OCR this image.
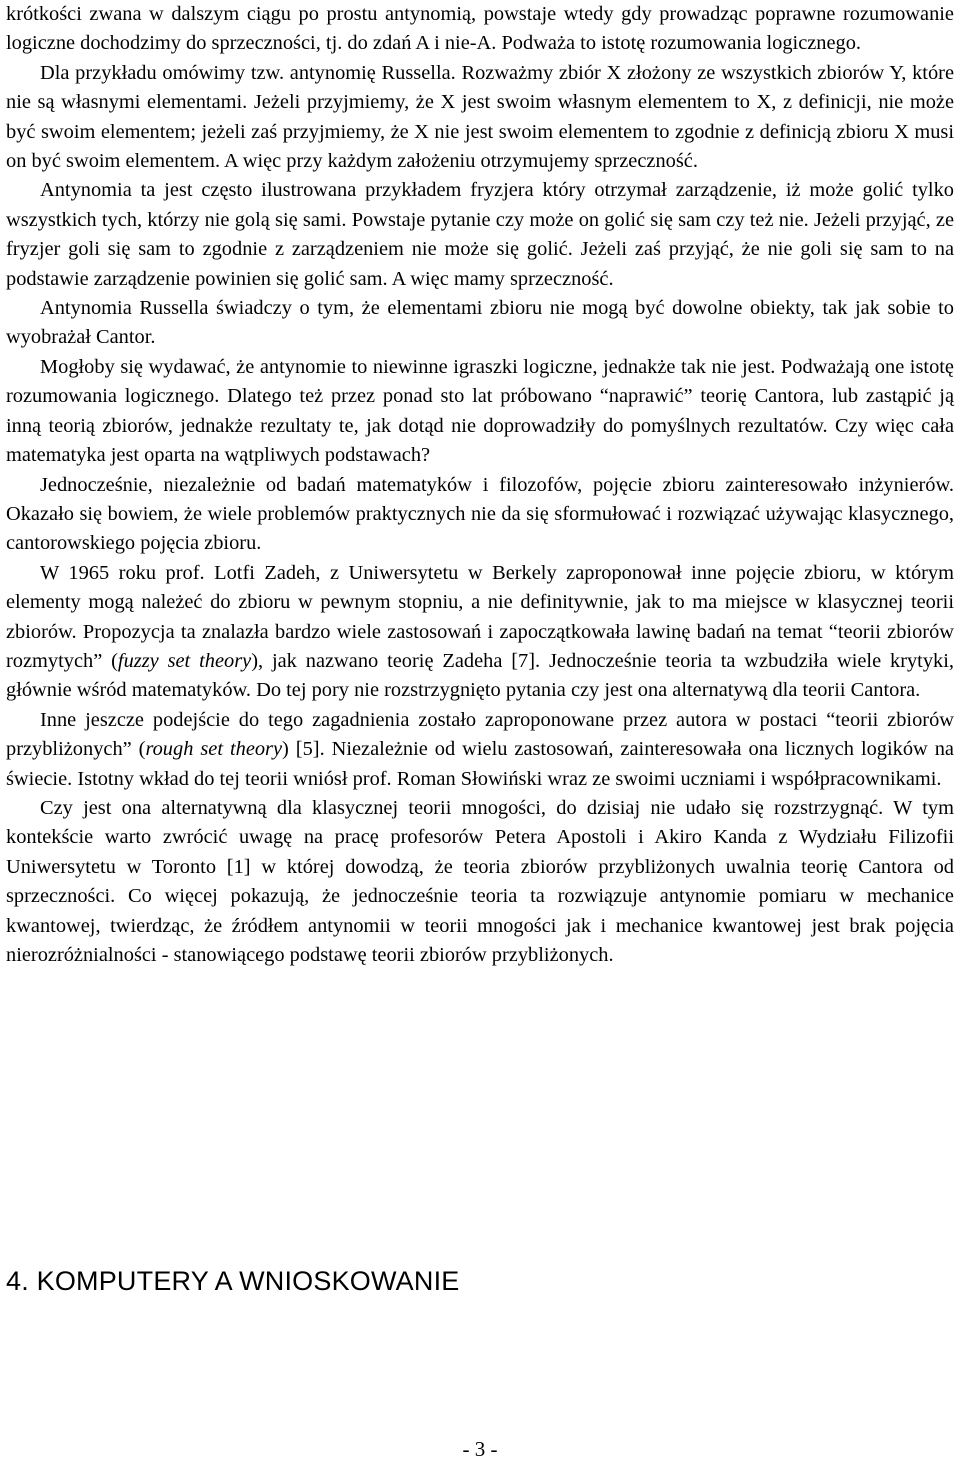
krótkości zwana w dalszym ciągu po prostu antynomią, powstaje wtedy gdy prowadząc poprawne rozumowanie logiczne dochodzimy do sprzeczności, tj. do zdań A i nie-A. Podważa to istotę rozumowania logicznego.

Dla przykładu omówimy tzw. antynomię Russella. Rozważmy zbiór X złożony ze wszystkich zbiorów Y, które nie są własnymi elementami. Jeżeli przyjmiemy, że X jest swoim własnym elementem to X, z definicji, nie może być swoim elementem; jeżeli zaś przyjmiemy, że X nie jest swoim elementem to zgodnie z definicją zbioru X musi on być swoim elementem. A więc przy każdym założeniu otrzymujemy sprzeczność.

Antynomia ta jest często ilustrowana przykładem fryzjera który otrzymał zarządzenie, iż może golić tylko wszystkich tych, którzy nie golą się sami. Powstaje pytanie czy może on golić się sam czy też nie. Jeżeli przyjąć, ze fryzjer goli się sam to zgodnie z zarządzeniem nie może się golić. Jeżeli zaś przyjąć, że nie goli się sam to na podstawie zarządzenie powinien się golić sam. A więc mamy sprzeczność.

Antynomia Russella świadczy o tym, że elementami zbioru nie mogą być dowolne obiekty, tak jak sobie to wyobrażał Cantor.

Mogłoby się wydawać, że antynomie to niewinne igraszki logiczne, jednakże tak nie jest. Podważają one istotę rozumowania logicznego. Dlatego też przez ponad sto lat próbowano “naprawić” teorię Cantora, lub zastąpić ją inną teorią zbiorów, jednakże rezultaty te, jak dotąd nie doprowadziły do pomyślnych rezultatów. Czy więc cała matematyka jest oparta na wątpliwych podstawach?

Jednocześnie, niezależnie od badań matematyków i filozofów, pojęcie zbioru zainteresowało inżynierów. Okazało się bowiem, że wiele problemów praktycznych nie da się sformułować i rozwiązać używając klasycznego, cantorowskiego pojęcia zbioru.

W 1965 roku prof. Lotfi Zadeh, z Uniwersytetu w Berkely zaproponował inne pojęcie zbioru, w którym elementy mogą należeć do zbioru w pewnym stopniu, a nie definitywnie, jak to ma miejsce w klasycznej teorii zbiorów. Propozycja ta znalazła bardzo wiele zastosowań i zapoczątkowała lawinę badań na temat “teorii zbiorów rozmytych” (fuzzy set theory), jak nazwano teorię Zadeha [7]. Jednocześnie teoria ta wzbudziła wiele krytyki, głównie wśród matematyków. Do tej pory nie rozstrzygnięto pytania czy jest ona alternatywą dla teorii Cantora.

Inne jeszcze podejście do tego zagadnienia zostało zaproponowane przez autora w postaci “teorii zbiorów przybliżonych” (rough set theory) [5]. Niezależnie od wielu zastosowań, zainteresowała ona licznych logików na świecie. Istotny wkład do tej teorii wniósł prof. Roman Słowiński wraz ze swoimi uczniami i współpracownikami.

Czy jest ona alternatywną dla klasycznej teorii mnogości, do dzisiaj nie udało się rozstrzygnąć. W tym kontekście warto zwrócić uwagę na pracę profesorów Petera Apostoli i Akiro Kanda z Wydziału Filizofii Uniwersytetu w Toronto [1] w której dowodzą, że teoria zbiorów przybliżonych uwalnia teorię Cantora od sprzeczności. Co więcej pokazują, że jednocześnie teoria ta rozwiązuje antynomie pomiaru w mechanice kwantowej, twierdząc, że źródłem antynomii w teorii mnogości jak i mechanice kwantowej jest brak pojęcia nierozróżnialności - stanowiącego podstawę teorii zbiorów przybliżonych.

4. KOMPUTERY A WNIOSKOWANIE
- 3 -
